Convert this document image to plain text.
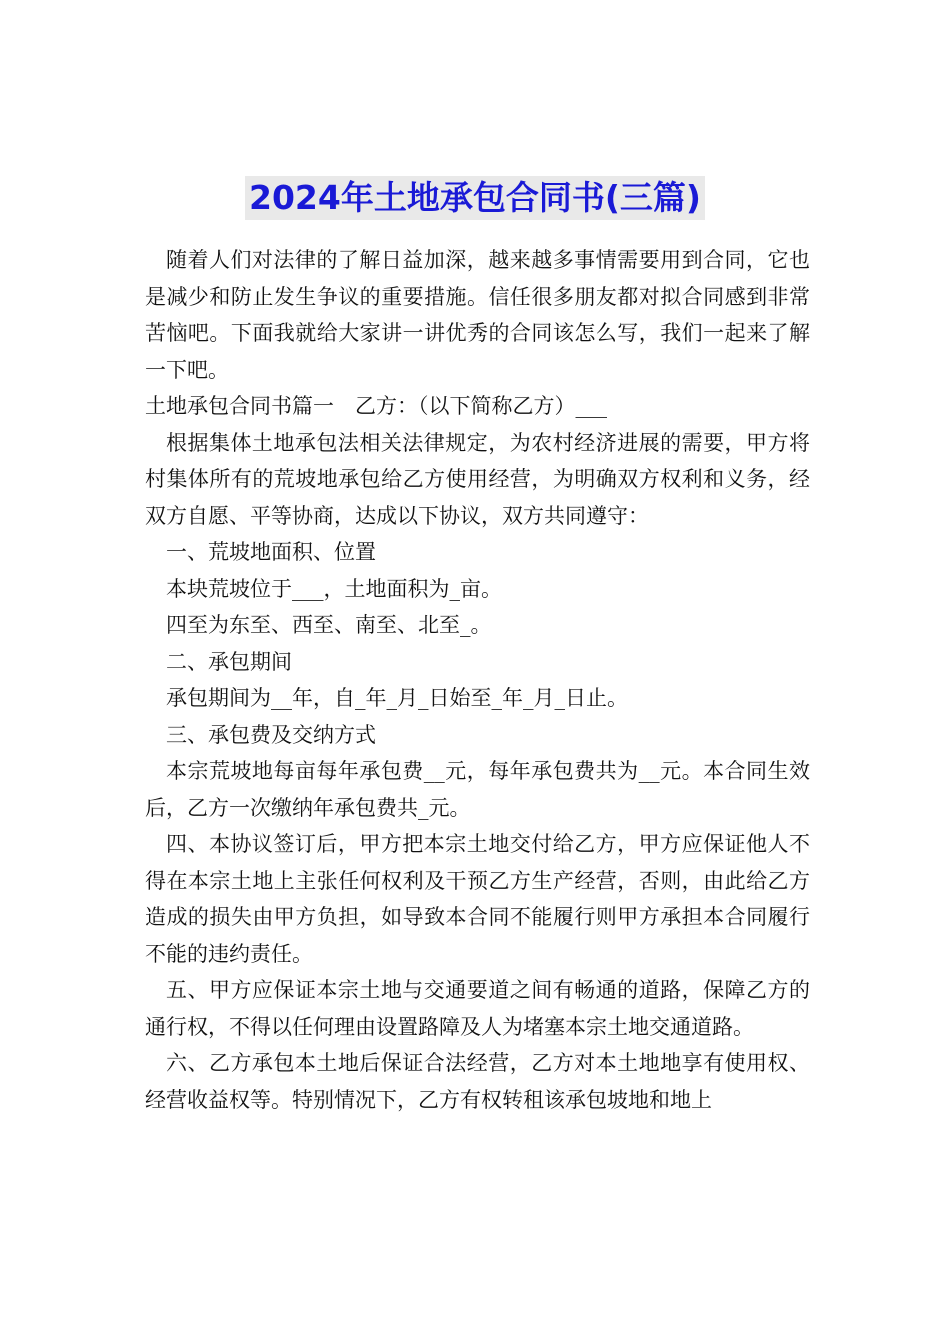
2024年土地承包合同书(三篇)

随着人们对法律的了解日益加深，越来越多事情需要用到合同，它也是减少和防止发生争议的重要措施。信任很多朋友都对拟合同感到非常苦恼吧。下面我就给大家讲一讲优秀的合同该怎么写，我们一起来了解一下吧。

土地承包合同书篇一　乙方：（以下简称乙方）___

根据集体土地承包法相关法律规定，为农村经济进展的需要，甲方将村集体所有的荒坡地承包给乙方使用经营，为明确双方权利和义务，经双方自愿、平等协商，达成以下协议，双方共同遵守：

一、荒坡地面积、位置

本块荒坡位于___，土地面积为_亩。

四至为东至、西至、南至、北至_。

二、承包期间

承包期间为__年，自_年_月_日始至_年_月_日止。

三、承包费及交纳方式

本宗荒坡地每亩每年承包费__元，每年承包费共为__元。本合同生效后，乙方一次缴纳年承包费共_元。

四、本协议签订后，甲方把本宗土地交付给乙方，甲方应保证他人不得在本宗土地上主张任何权利及干预乙方生产经营，否则，由此给乙方造成的损失由甲方负担，如导致本合同不能履行则甲方承担本合同履行不能的违约责任。

五、甲方应保证本宗土地与交通要道之间有畅通的道路，保障乙方的通行权，不得以任何理由设置路障及人为堵塞本宗土地交通道路。

六、乙方承包本土地后保证合法经营，乙方对本土地地享有使用权、经营收益权等。特别情况下，乙方有权转租该承包坡地和地上
